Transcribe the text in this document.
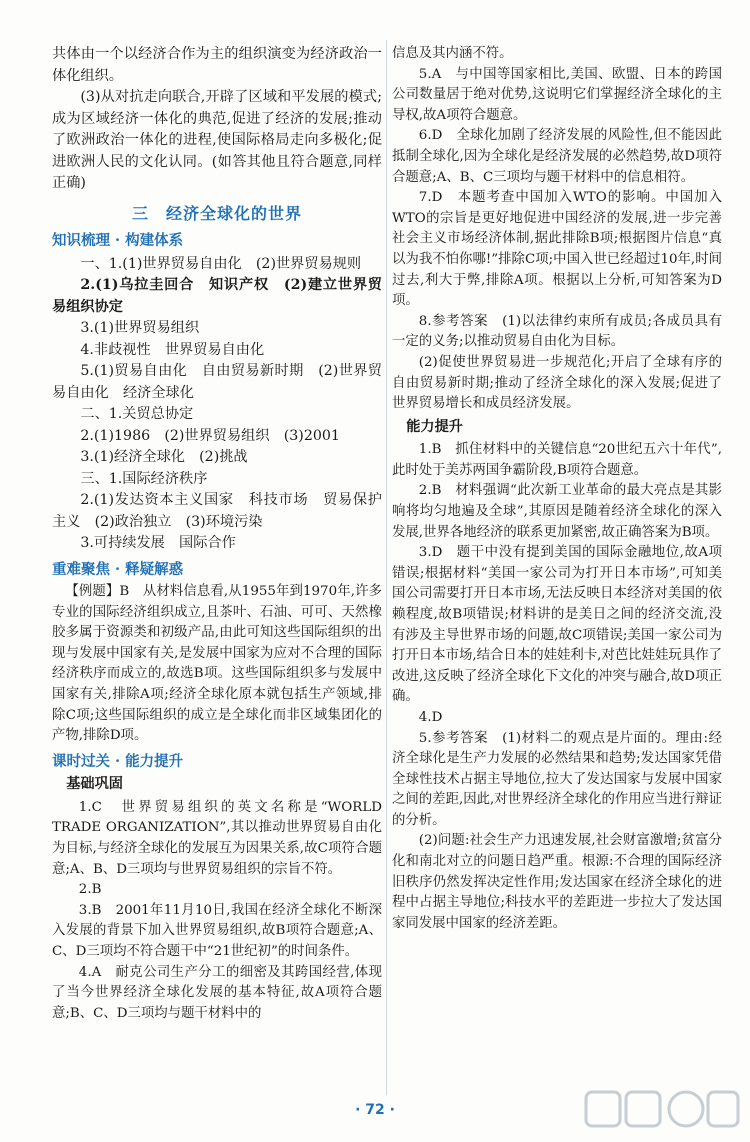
共体由一个以经济合作为主的组织演变为经济政治一体化组织。

(3)从对抗走向联合,开辟了区域和平发展的模式;成为区域经济一体化的典范,促进了经济的发展;推动了欧洲政治一体化的进程,使国际格局走向多极化;促进欧洲人民的文化认同。(如答其他且符合题意,同样正确)

三　经济全球化的世界
知识梳理 · 构建体系

一、1.(1)世界贸易自由化　(2)世界贸易规则

2.(1)乌拉圭回合　知识产权　(2)建立世界贸易组织协定

3.(1)世界贸易组织

4.非歧视性　世界贸易自由化

5.(1)贸易自由化　自由贸易新时期　(2)世界贸易自由化　经济全球化

二、1.关贸总协定

2.(1)1986　(2)世界贸易组织　(3)2001

3.(1)经济全球化　(2)挑战

三、1.国际经济秩序

2.(1)发达资本主义国家　科技市场　贸易保护主义　(2)政治独立　(3)环境污染

3.可持续发展　国际合作

重难聚焦 · 释疑解惑

【例题】B　从材料信息看,从1955年到1970年,许多专业的国际经济组织成立,且茶叶、石油、可可、天然橡胶多属于资源类和初级产品,由此可知这些国际组织的出现与发展中国家有关,是发展中国家为应对不合理的国际经济秩序而成立的,故选B项。这些国际组织多与发展中国家有关,排除A项;经济全球化原本就包括生产领域,排除C项;这些国际组织的成立是全球化而非区域集团化的产物,排除D项。

课时过关 · 能力提升
基础巩固

1.C　世界贸易组织的英文名称是“WORLD TRADE ORGANIZATION”,其以推动世界贸易自由化为目标,与经济全球化的发展互为因果关系,故C项符合题意;A、B、D三项均与世界贸易组织的宗旨不符。

2.B

3.B　2001年11月10日,我国在经济全球化不断深入发展的背景下加入世界贸易组织,故B项符合题意;A、C、D三项均不符合题干中“21世纪初”的时间条件。

4.A　耐克公司生产分工的细密及其跨国经营,体现了当今世界经济全球化发展的基本特征,故A项符合题意;B、C、D三项均与题干材料中的

信息及其内涵不符。

5.A　与中国等国家相比,美国、欧盟、日本的跨国公司数量居于绝对优势,这说明它们掌握经济全球化的主导权,故A项符合题意。

6.D　全球化加剧了经济发展的风险性,但不能因此抵制全球化,因为全球化是经济发展的必然趋势,故D项符合题意;A、B、C三项均与题干材料中的信息相符。

7.D　本题考查中国加入WTO的影响。中国加入WTO的宗旨是更好地促进中国经济的发展,进一步完善社会主义市场经济体制,据此排除B项;根据图片信息“真以为我不怕你哪!”排除C项;中国入世已经超过10年,时间过去,利大于弊,排除A项。根据以上分析,可知答案为D项。

8.参考答案　(1)以法律约束所有成员;各成员具有一定的义务;以推动贸易自由化为目标。

(2)促使世界贸易进一步规范化;开启了全球有序的自由贸易新时期;推动了经济全球化的深入发展;促进了世界贸易增长和成员经济发展。

能力提升

1.B　抓住材料中的关键信息“20世纪五六十年代”,此时处于美苏两国争霸阶段,B项符合题意。

2.B　材料强调“此次新工业革命的最大亮点是其影响将均匀地遍及全球”,其原因是随着经济全球化的深入发展,世界各地经济的联系更加紧密,故正确答案为B项。

3.D　题干中没有提到美国的国际金融地位,故A项错误;根据材料“美国一家公司为打开日本市场”,可知美国公司需要打开日本市场,无法反映日本经济对美国的依赖程度,故B项错误;材料讲的是美日之间的经济交流,没有涉及主导世界市场的问题,故C项错误;美国一家公司为打开日本市场,结合日本的娃娃利卡,对芭比娃娃玩具作了改进,这反映了经济全球化下文化的冲突与融合,故D项正确。

4.D

5.参考答案　(1)材料二的观点是片面的。理由:经济全球化是生产力发展的必然结果和趋势;发达国家凭借全球性技术占据主导地位,拉大了发达国家与发展中国家之间的差距,因此,对世界经济全球化的作用应当进行辩证的分析。

(2)问题:社会生产力迅速发展,社会财富激增;贫富分化和南北对立的问题日趋严重。根源:不合理的国际经济旧秩序仍然发挥决定性作用;发达国家在经济全球化的进程中占据主导地位;科技水平的差距进一步拉大了发达国家同发展中国家的经济差距。

· 72 ·
